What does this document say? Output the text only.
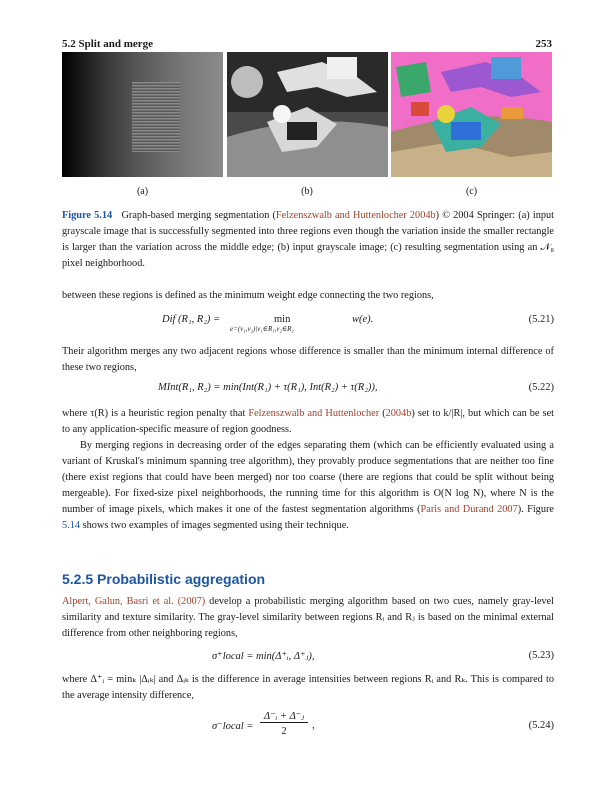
5.2 Split and merge	253
(a)	(b)	(c)
Figure 5.14 Graph-based merging segmentation (Felzenszwalb and Huttenlocher 2004b) © 2004 Springer: (a) input grayscale image that is successfully segmented into three regions even though the variation inside the smaller rectangle is larger than the variation across the middle edge; (b) input grayscale image; (c) resulting segmentation using an 𝒩₈ pixel neighborhood.
between these regions is defined as the minimum weight edge connecting the two regions,
Dif (R₁, R₂) =	min
e=(v₁,v₂)|v₁∈R₁,v₂∈R₂
w(e).	(5.21)
Their algorithm merges any two adjacent regions whose difference is smaller than the minimum internal difference of these two regions,
MInt(R₁, R₂) = min(Int(R₁) + τ(R₁), Int(R₂) + τ(R₂)),	(5.22)
where τ(R) is a heuristic region penalty that Felzenszwalb and Huttenlocher (2004b) set to k/|R|, but which can be set to any application-specific measure of region goodness.
By merging regions in decreasing order of the edges separating them (which can be efficiently evaluated using a variant of Kruskal's minimum spanning tree algorithm), they provably produce segmentations that are neither too fine (there exist regions that could have been merged) nor too coarse (there are regions that could be split without being mergeable). For fixed-size pixel neighborhoods, the running time for this algorithm is O(N log N), where N is the number of image pixels, which makes it one of the fastest segmentation algorithms (Paris and Durand 2007). Figure 5.14 shows two examples of images segmented using their technique.
5.2.5 Probabilistic aggregation
Alpert, Galun, Basri et al. (2007) develop a probabilistic merging algorithm based on two cues, namely gray-level similarity and texture similarity. The gray-level similarity between regions Rᵢ and Rⱼ is based on the minimal external difference from other neighboring regions,
σ⁺local = min(Δ⁺ᵢ, Δ⁺ⱼ),	(5.23)
where Δ⁺ᵢ = minₖ |Δᵢₖ| and Δᵢₖ is the difference in average intensities between regions Rᵢ and Rₖ. This is compared to the average intensity difference,
σ⁻local =
Δ⁻ᵢ + Δ⁻ⱼ
2
,	(5.24)
